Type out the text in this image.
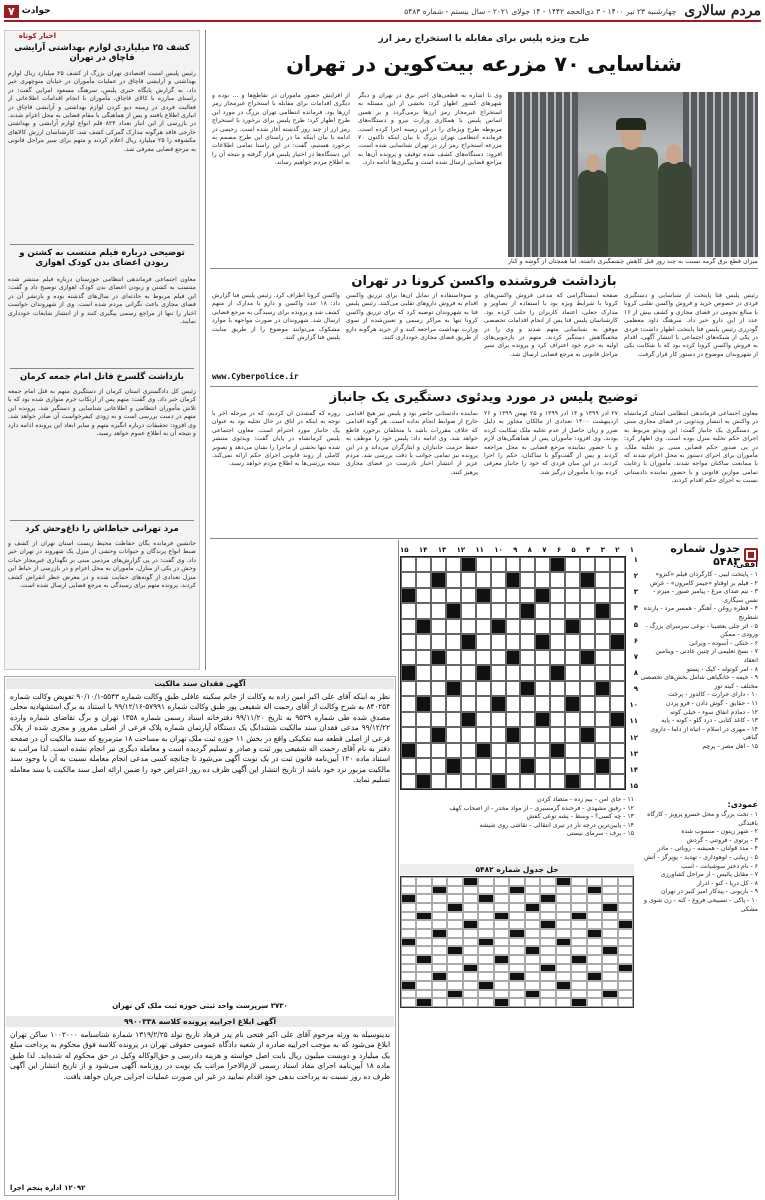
مردم سالاری
چهارشنبه ۲۳ تیر ۱۴۰۰ - ۳ ذی‌الحجه ۱۴۴۲ - ۱۴ جولای ۲۰۲۱ - سال بیستم - شماره ۵۴۸۳
حوادث
۷
اخبار کوتاه
کشف ۲۵ میلیاردی لوازم بهداشتی آرایشی قاچاق در تهران
رئیس پلیس امنیت اقتصادی تهران بزرگ از کشف ۲۵ میلیارد ریال لوازم بهداشتی و آرایشی قاچاق در عملیات مأموران در خیابان منوچهری خبر داد. به گزارش پایگاه خبری پلیس، سرهنگ مسعود امرایی گفت: در راستای مبارزه با کالای قاچاق، مأموران با انجام اقدامات اطلاعاتی از فعالیت فردی در زمینه دپو کردن لوازم بهداشتی و آرایشی قاچاق در انباری اطلاع یافتند و پس از هماهنگی با مقام قضایی به محل اعزام شدند. در بازرسی از این انبار تعداد ۸۲۴ قلم انواع لوازم آرایشی و بهداشتی خارجی فاقد هرگونه مدارک گمرکی کشف شد. کارشناسان ارزش کالاهای مکشوفه را ۲۵ میلیارد ریال اعلام کردند و متهم برای سیر مراحل قانونی به مرجع قضایی معرفی شد.
توضیحی درباره فیلم منتسب به کشتن و ربودن اعضای بدن کودک اهوازی
معاون اجتماعی فرماندهی انتظامی خوزستان درباره فیلم منتشر شده منتسب به کشتن و ربودن اعضای بدن کودک اهوازی توضیح داد و گفت: این فیلم مربوط به حادثه‌ای در سال‌های گذشته بوده و بازنشر آن در فضای مجازی باعث نگرانی مردم شده است. وی از شهروندان خواست اخبار را تنها از مراجع رسمی پیگیری کنند و از انتشار شایعات خودداری نمایند.
بازداشت گلسرخ قاتل امام جمعه کرمان
رئیس کل دادگستری استان کرمان از دستگیری متهم به قتل امام جمعه کرمان خبر داد. وی گفت: متهم پس از ارتکاب جرم متواری شده بود که با تلاش مأموران انتظامی و اطلاعاتی شناسایی و دستگیر شد. پرونده این متهم در دست بررسی است و به زودی کیفرخواست آن صادر خواهد شد. وی افزود: تحقیقات درباره انگیزه متهم و سایر ابعاد این پرونده ادامه دارد و نتیجه آن به اطلاع عموم خواهد رسید.
مرد تهرانی حیاط‌اش را داغ‌وحش کرد
جانشین فرمانده یگان حفاظت محیط زیست استان تهران از کشف و ضبط انواع پرندگان و حیوانات وحشی از منزل یک شهروند در تهران خبر داد. وی گفت: در پی گزارش‌های مردمی مبنی بر نگهداری غیرمجاز حیات وحش در یکی از منازل، مأموران به محل اعزام و در بازرسی از حیاط این منزل تعدادی از گونه‌های حمایت شده و در معرض خطر انقراض کشف کردند. پرونده متهم برای رسیدگی به مرجع قضایی ارسال شده است.
طرح ویژه پلیس برای مقابله با استخراج رمز ارز
شناسایی ۷۰ مزرعه بیت‌کوین در تهران
از افزایش حضور مأموران در تقاطع‌ها و … بوده و دیگری اقدامات برای مقابله با استخراج غیرمجاز رمز ارزها بود. فرمانده انتظامی تهران بزرگ در مورد این طرح اظهار کرد: طرح پلیس برای برخورد با استخراج رمز ارز از چند روز گذشته آغاز شده است. رحیمی در ادامه با بیان اینکه ما در راستای این طرح مصمم به برخورد هستیم، گفت: در این راستا تمامی اطلاعات این دستگاه‌ها در اختیار پلیس قرار گرفته و نتیجه آن را به اطلاع مردم خواهیم رساند.
وی با اشاره به قطعی‌های اخیر برق در تهران و دیگر شهرهای کشور اظهار کرد: بخشی از این مسئله به استخراج غیرمجاز رمز ارزها برمی‌گردد و بر همین اساس پلیس با همکاری وزارت نیرو و دستگاه‌های مربوطه طرح ویژه‌ای را در این زمینه اجرا کرده است. فرمانده انتظامی تهران بزرگ با بیان اینکه تاکنون ۷۰ مزرعه استخراج رمز ارز در تهران شناسایی شده است، افزود: دستگاه‌های کشف شده توقیف و پرونده آن‌ها به مراجع قضایی ارسال شده است و پیگیری‌ها ادامه دارد.
بازداشت فروشنده واکسن کرونا در تهران
رئیس پلیس فتا پایتخت از شناسایی و دستگیری فردی در خصوص خرید و فروش واکسن تقلبی کرونا با مبالغ نجومی در فضای مجازی و کشف بیش از ۱۶ عدد از این دارو خبر داد. سرهنگ داود معظمی گودرزی رئیس پلیس فتا پایتخت اظهار داشت: فردی در یکی از شبکه‌های اجتماعی با انتشار آگهی، اقدام به فروش واکسن کرونا کرده بود که با شکایت یکی از شهروندان موضوع در دستور کار قرار گرفت.
صفحه اینستاگرامی که مدعی فروش واکسن‌های کرونا با شرایط ویژه بود با استفاده از تصاویر و مدارک جعلی، اعتماد کاربران را جلب کرده بود. کارشناسان پلیس فتا پس از انجام اقدامات تخصصی موفق به شناسایی متهم شدند و وی را در مخفیگاهش دستگیر کردند. متهم در بازجویی‌های اولیه به جرم خود اعتراف کرد و پرونده برای سیر مراحل قانونی به مرجع قضایی ارسال شد.
و سوءاستفاده از تمایل آن‌ها برای تزریق واکسن اقدام به فروش داروهای تقلبی می‌کنند. رئیس پلیس فتا به شهروندان توصیه کرد که برای تزریق واکسن کرونا تنها به مراکز رسمی و تعیین‌شده از سوی وزارت بهداشت مراجعه کنند و از خرید هرگونه دارو از طریق فضای مجازی خودداری کنند.
واکسن کرونا اطراف کرد. رئیس پلیس فتا گزارش داد: ۱۸ عدد واکسن و دارو با مدارک از متهم کشف شد و پرونده برای رسیدگی به مرجع قضایی ارسال شد. شهروندان در صورت مواجهه با موارد مشکوک می‌توانند موضوع را از طریق سایت پلیس فتا گزارش کنند.
www.Cyberpolice.ir
توضیح پلیس در مورد ویدئوی دستگیری یک جانباز
معاون اجتماعی فرماندهی انتظامی استان کرمانشاه در واکنش به انتشار ویدئویی در فضای مجازی مبنی بر دستگیری یک جانباز گفت: این ویدئو مربوط به اجرای حکم تخلیه منزل بوده است. وی اظهار کرد: در پی صدور حکم قضایی مبنی بر تخلیه ملک، مأموران برای اجرای دستور به محل اعزام شدند که با ممانعت ساکنان مواجه شدند. مأموران با رعایت تمامی موازین قانونی و با حضور نماینده دادستانی نسبت به اجرای حکم اقدام کردند.
۲۷ آذر ۱۳۹۹ و ۱۴ آذر ۱۳۹۹ و ۲۵ بهمن ۱۳۹۹ و ۲۶ اردیبهشت ۱۴۰۰ تعدادی از مالکان مجاور به دلیل ضرر و زیان حاصل از عدم تخلیه ملک شکایت کرده بودند. وی افزود: مأموران پس از هماهنگی‌های لازم و با حضور نماینده مرجع قضایی به محل مراجعه کردند و پس از گفت‌وگو با ساکنان، حکم را اجرا کردند. در این میان فردی که خود را جانباز معرفی کرده بود با مأموران درگیر شد.
نماینده دادستانی حاضر بود و پلیس نیز هیچ اقدامی خارج از ضوابط انجام نداده است. هر گونه اقدامی که خلاف مقررات باشد با متخلفان برخورد قاطع خواهد شد. وی ادامه داد: پلیس خود را موظف به حفظ حرمت جانبازان و ایثارگران می‌داند و در این پرونده نیز تمامی جوانب با دقت بررسی شد. مردم عزیز از انتشار اخبار نادرست در فضای مجازی پرهیز کنند.
روزه که گمشدن آن کردیم، که در مرحله آخر با توجه به اینکه در اتاق در حال تخلیه بود به عنوان یک جانباز مورد احترام است. معاون اجتماعی پلیس کرمانشاه در پایان گفت: ویدئوی منتشر شده تنها بخشی از ماجرا را نشان می‌دهد و تصویر کاملی از روند قانونی اجرای حکم ارائه نمی‌کند. نتیجه بررسی‌ها به اطلاع مردم خواهد رسید.
جدول شماره ۵۴۸۳
افقی:
۱ - پایتخت لیبی - کارگردان فیلم «کنزو»
۲ - فیلم بر اوفتاو «جیمز کامرون» - عرض
۳ - نیم صدای مرغ - پیامبر صبور - میزم - نفس سیگاری
۴ - قطره روغن - آهنگر - همسر مرد - بازنده شطرنج
۵ - اثر جلی بعضیبا - نوعی سرسرای بزرگ - ورودی - ممکن
۶ - خنکی - آسوده - ویرانی
۷ - نسخ تعلیمی از چنین عادتی - ویتامین انعقاد
۸ - امر کوتوله - کپک - پستو
۹ - خیمه - خانگیاهی شامل بخش‌های تخصصی مختلف - کینه توز
۱۰ - دارای حرارت - کالدوز - پرخت
۱۱ - حقایق - گوش دادن - فرو پردن
۱۲ - دمادم انفاق سوء - خیلی کوته
۱۳ - کاغذ کتابی - درد گلو - کونه - پایه
۱۴ - مهری در اسلام - اتیاه از داما - داروی گیاهی
۱۵ - اهل مصر - پرچم
عمودی:
۱ - تخت بزرگ و محل خسرو پرویز - کارگاه بافندگی
۲ - شهر زیتون - منسوب شده
۳ - پرتوی - فروتنی - گردش
۴ - مدد قولنان - همیشه - روباتی - مادر
۵ - زیبایی - لوهوداری - تهدید - پوپرگز - آتش
۶ - نام دختر سوشیانت - اسب
۷ - مقابل پائیس - از مراحل کشاورزی
۸ - کل دریا - کنو - ادرار
۹ - باربونی - پیدکار امیر کبیر در تهران
۱۰ - پاکی - تسبیحی فروع - کنه - زن شوی و مشکی
۱
۲
۳
۴
۵
۶
۷
۸
۹
۱۰
۱۱
۱۲
۱۳
۱۴
۱۵
۱
۲
۳
۴
۵
۶
۷
۸
۹
۱۰
۱۱
۱۲
۱۳
۱۴
۱۵
۱۱ - جای امن - بیم زده - متضاد کردن
۱۲ - رفیق مشهدی - فرخنده گرمسیری - از مواد مخدر - از اصحاب کهف
۱۳ - چه کسی؟ - وسط - پشه نوعی کفش
۱۴ - پایین‌ترین درجه نار در تیری انتقالی - نقاشی روی شیشه
۱۵ - برف - سرمای نیستی
حل جدول شماره ۵۴۸۲
آگهی فقدان سند مالکیت
نظر به اینکه آقای علی اکبر امین زاده به وکالت از خانم سکینه عاقلی طبق وکالت شماره ۵۵۴۳-۹۰/۱۰/۱ تفویض وکالت شماره ۸۴۰۲۵۴ به شرح وکالت از آقای رحمت اله شفیعی پور طبق وکالت شماره ۵۷۹۹۱-۹۹/۱۲/۱۶ با استناد به برگ استشهادیه محلی مصدق شده طی شماره ۹۵۳۹ به تاریخ ۹۹/۱۱/۲۰ دفترخانه اسناد رسمی شماره ۱۳۵۸ تهران و برگ تقاضای شماره وارده ۹۹/۱۲/۲۲ مدعی فقدان سند مالکیت ششدانگ یک دستگاه آپارتمان شماره پلاک فرعی از اصلی مفروز و مجزی شده از پلاک فرعی از اصلی قطعه سه تفکیکی واقع در بخش ۱۱ حوزه ثبت ملک تهران به مساحت ۱۸ مترمربع که سند مالکیت آن در صفحه دفتر به نام آقای رحمت اله شفیعی پور ثبت و صادر و تسلیم گردیده است و معامله دیگری نیز انجام نشده است. لذا مراتب به استناد ماده ۱۲۰ آیین‌نامه قانون ثبت در یک نوبت آگهی می‌شود تا چنانچه کسی مدعی انجام معامله نسبت به آن یا وجود سند مالکیت مزبور نزد خود باشد از تاریخ انتشار این آگهی ظرف ده روز اعتراض خود را ضمن ارائه اصل سند مالکیت یا سند معامله تسلیم نماید.
۳۷۳۰ سرپرست واحد ثبتی حوزه ثبت ملک کن تهران
آگهی ابلاغ اجراییه پرونده کلاسه ۹۹۰۰۳۳۸
بدینوسیله به ورثه مرحوم آقای علی اکبر فتحی نام پدر فرهاد تاریخ تولد ۱۳۱۹/۲/۲۵ شماره شناسنامه ۱۰۰۲۰۰۰ ساکن تهران ابلاغ می‌شود که به موجب اجراییه صادره از شعبه دادگاه عمومی حقوقی تهران در پرونده کلاسه فوق محکوم به پرداخت مبلغ یک میلیارد و دویست میلیون ریال بابت اصل خواسته و هزینه دادرسی و حق‌الوکاله وکیل در حق محکوم له شده‌اید. لذا طبق ماده ۱۸ آیین‌نامه اجرای مفاد اسناد رسمی لازم‌الاجرا مراتب یک نوبت در روزنامه آگهی می‌شود و از تاریخ انتشار این آگهی ظرف ده روز نسبت به پرداخت بدهی خود اقدام نمایید در غیر این صورت عملیات اجرایی جریان خواهد یافت.
۱۲۰۹۲ اداره پنجم اجرا
میزان قطع برق گرمه نسبت به چند روز قبل کاهش چشمگیری داشته، اما همچنان از گوشه و کنار
